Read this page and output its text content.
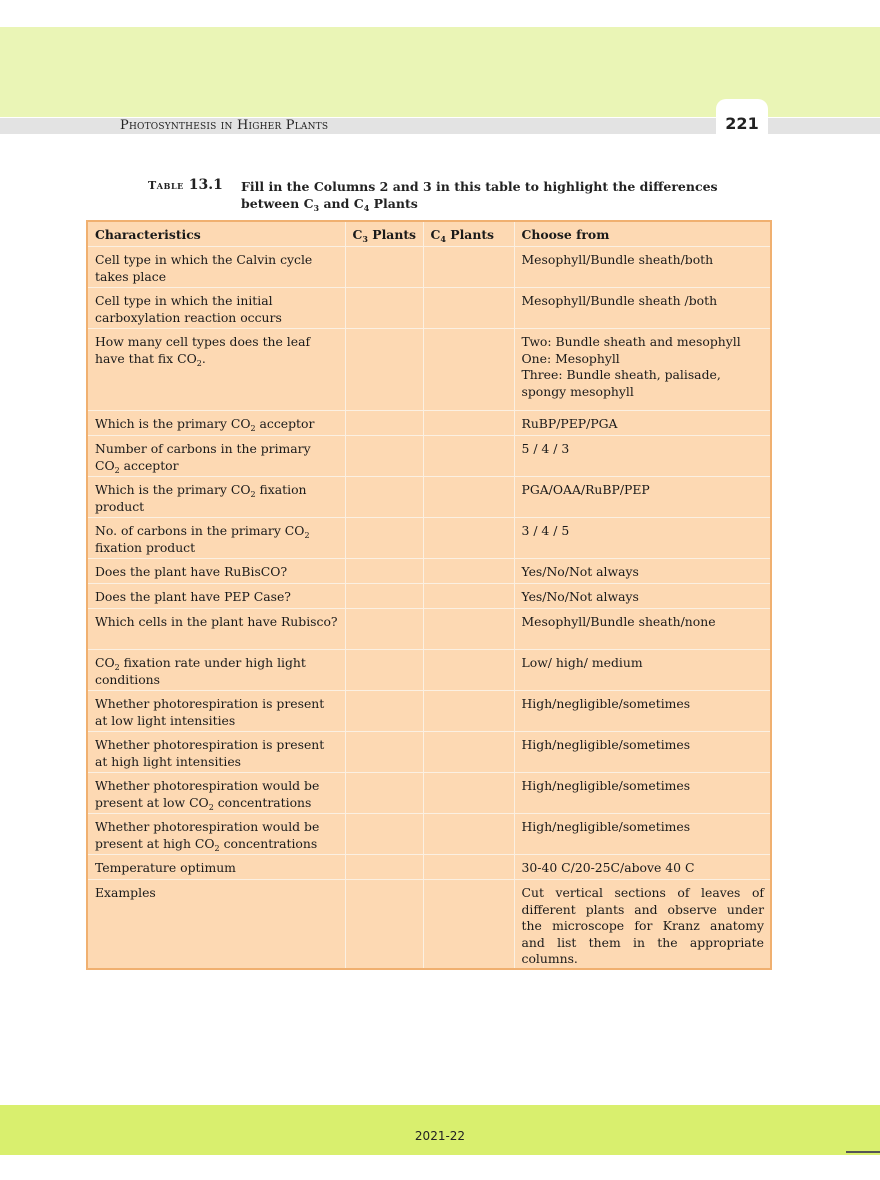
Photosynthesis in Higher Plants	221
Table 13.1 Fill in the Columns 2 and 3 in this table to highlight the differences between $C_3$ and $C_4$ Plants
Characteristics	$C_3$ Plants	$C_4$ Plants	Choose from
Cell type in which the Calvin cycle takes place			Mesophyll/Bundle sheath/both
Cell type in which the initial carboxylation reaction occurs			Mesophyll/Bundle sheath /both
How many cell types does the leaf have that fix $CO_2$.			Two: Bundle sheath and mesophyll
One: Mesophyll
Three: Bundle sheath, palisade, spongy mesophyll
Which is the primary $CO_2$ acceptor			RuBP/PEP/PGA
Number of carbons in the primary $CO_2$ acceptor			5 / 4 / 3
Which is the primary $CO_2$ fixation product			PGA/OAA/RuBP/PEP
No. of carbons in the primary $CO_2$ fixation product			3 / 4 / 5
Does the plant have RuBisCO?			Yes/No/Not always
Does the plant have PEP Case?			Yes/No/Not always
Which cells in the plant have Rubisco?			Mesophyll/Bundle sheath/none
$CO_2$ fixation rate under high light conditions			Low/ high/ medium
Whether photorespiration is present at low light intensities			High/negligible/sometimes
Whether photorespiration is present at high light intensities			High/negligible/sometimes
Whether photorespiration would be present at low $CO_2$ concentrations			High/negligible/sometimes
Whether photorespiration would be present at high $CO_2$ concentrations			High/negligible/sometimes
Temperature optimum			30-40 C/20-25C/above 40 C
Examples			Cut vertical sections of leaves of different plants and observe under the microscope for Kranz anatomy and list them in the appropriate columns.
2021-22
